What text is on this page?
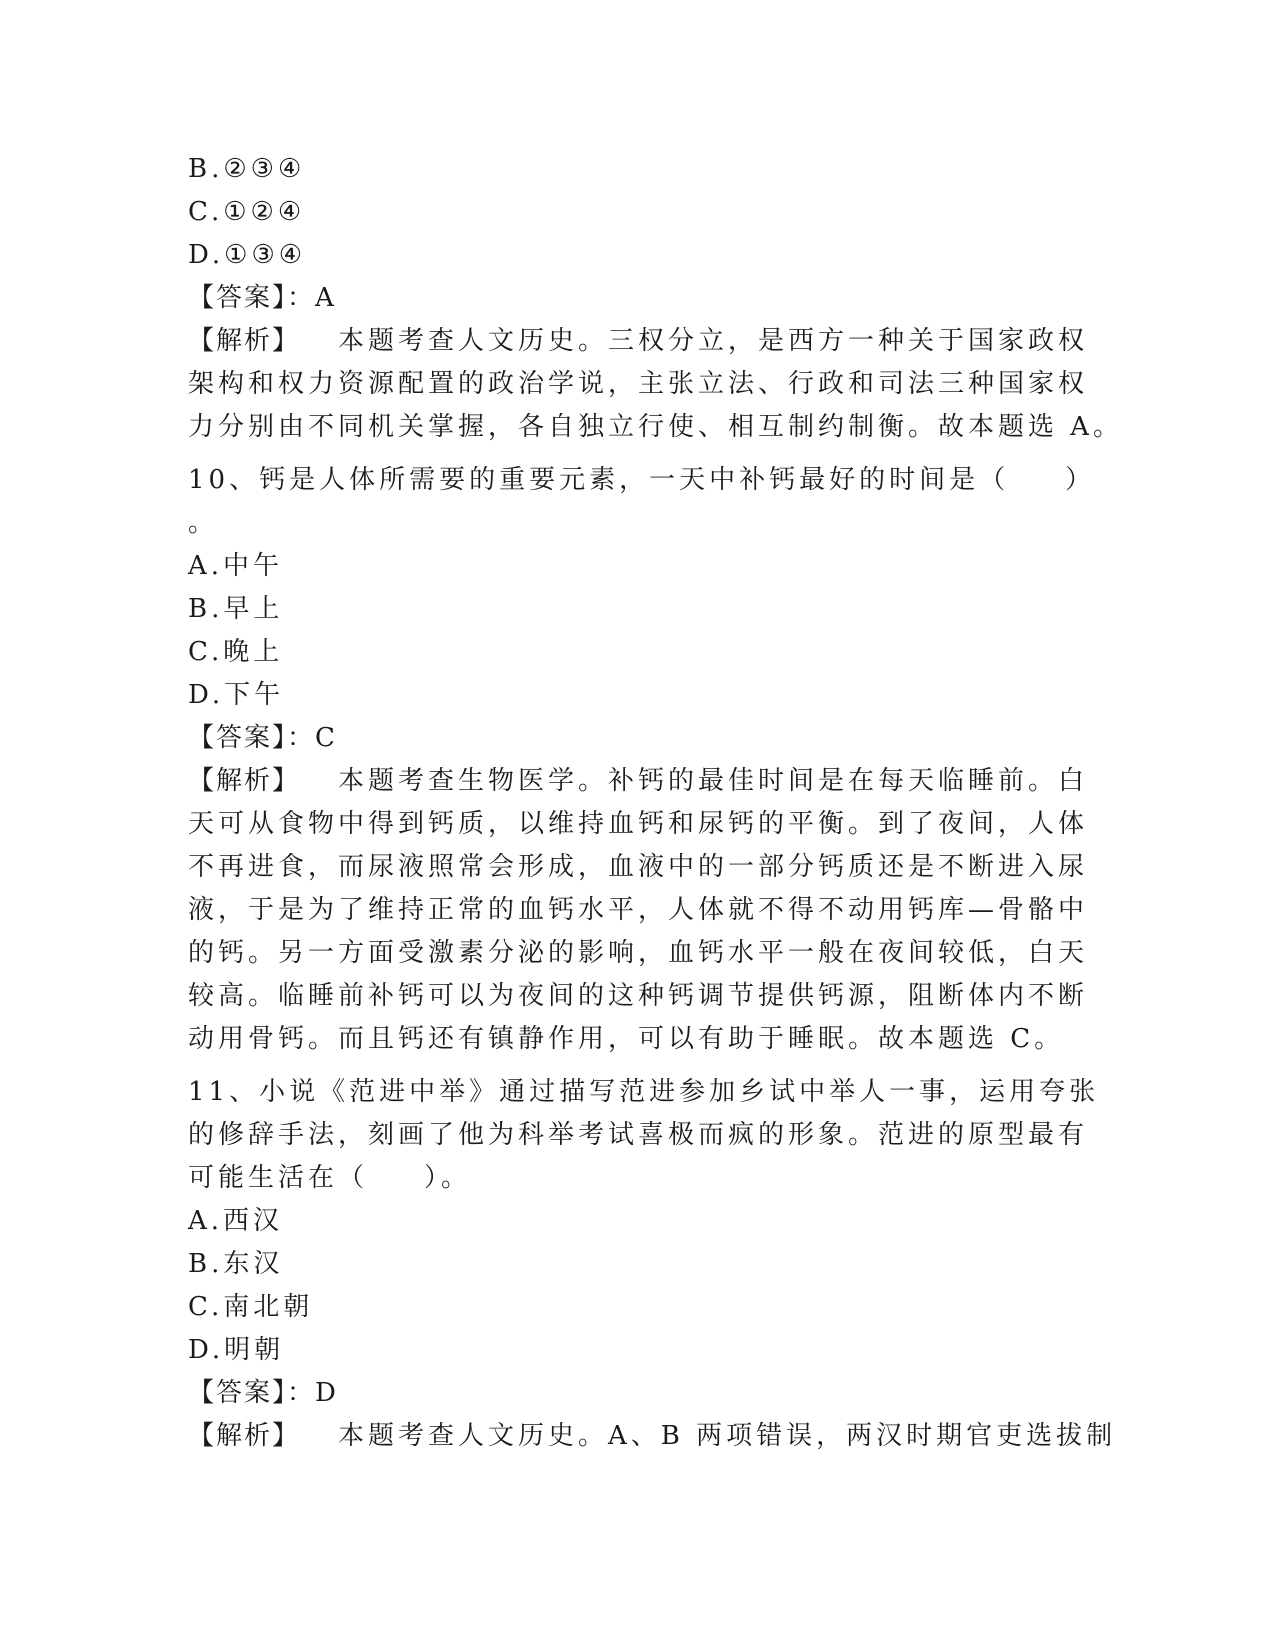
B.②③④
C.①②④
D.①③④
【答案】：A
【解析】 本题考查人文历史。三权分立，是西方一种关于国家政权
架构和权力资源配置的政治学说，主张立法、行政和司法三种国家权
力分别由不同机关掌握，各自独立行使、相互制约制衡。故本题选 A。
10、钙是人体所需要的重要元素，一天中补钙最好的时间是（ ）
。
A.中午
B.早上
C.晚上
D.下午
【答案】：C
【解析】 本题考查生物医学。补钙的最佳时间是在每天临睡前。白
天可从食物中得到钙质，以维持血钙和尿钙的平衡。到了夜间，人体
不再进食，而尿液照常会形成，血液中的一部分钙质还是不断进入尿
液，于是为了维持正常的血钙水平，人体就不得不动用钙库—骨骼中
的钙。另一方面受激素分泌的影响，血钙水平一般在夜间较低，白天
较高。临睡前补钙可以为夜间的这种钙调节提供钙源，阻断体内不断
动用骨钙。而且钙还有镇静作用，可以有助于睡眠。故本题选 C。
11、小说《范进中举》通过描写范进参加乡试中举人一事，运用夸张
的修辞手法，刻画了他为科举考试喜极而疯的形象。范进的原型最有
可能生活在（ ）。
A.西汉
B.东汉
C.南北朝
D.明朝
【答案】：D
【解析】 本题考查人文历史。A、B 两项错误，两汉时期官吏选拔制
